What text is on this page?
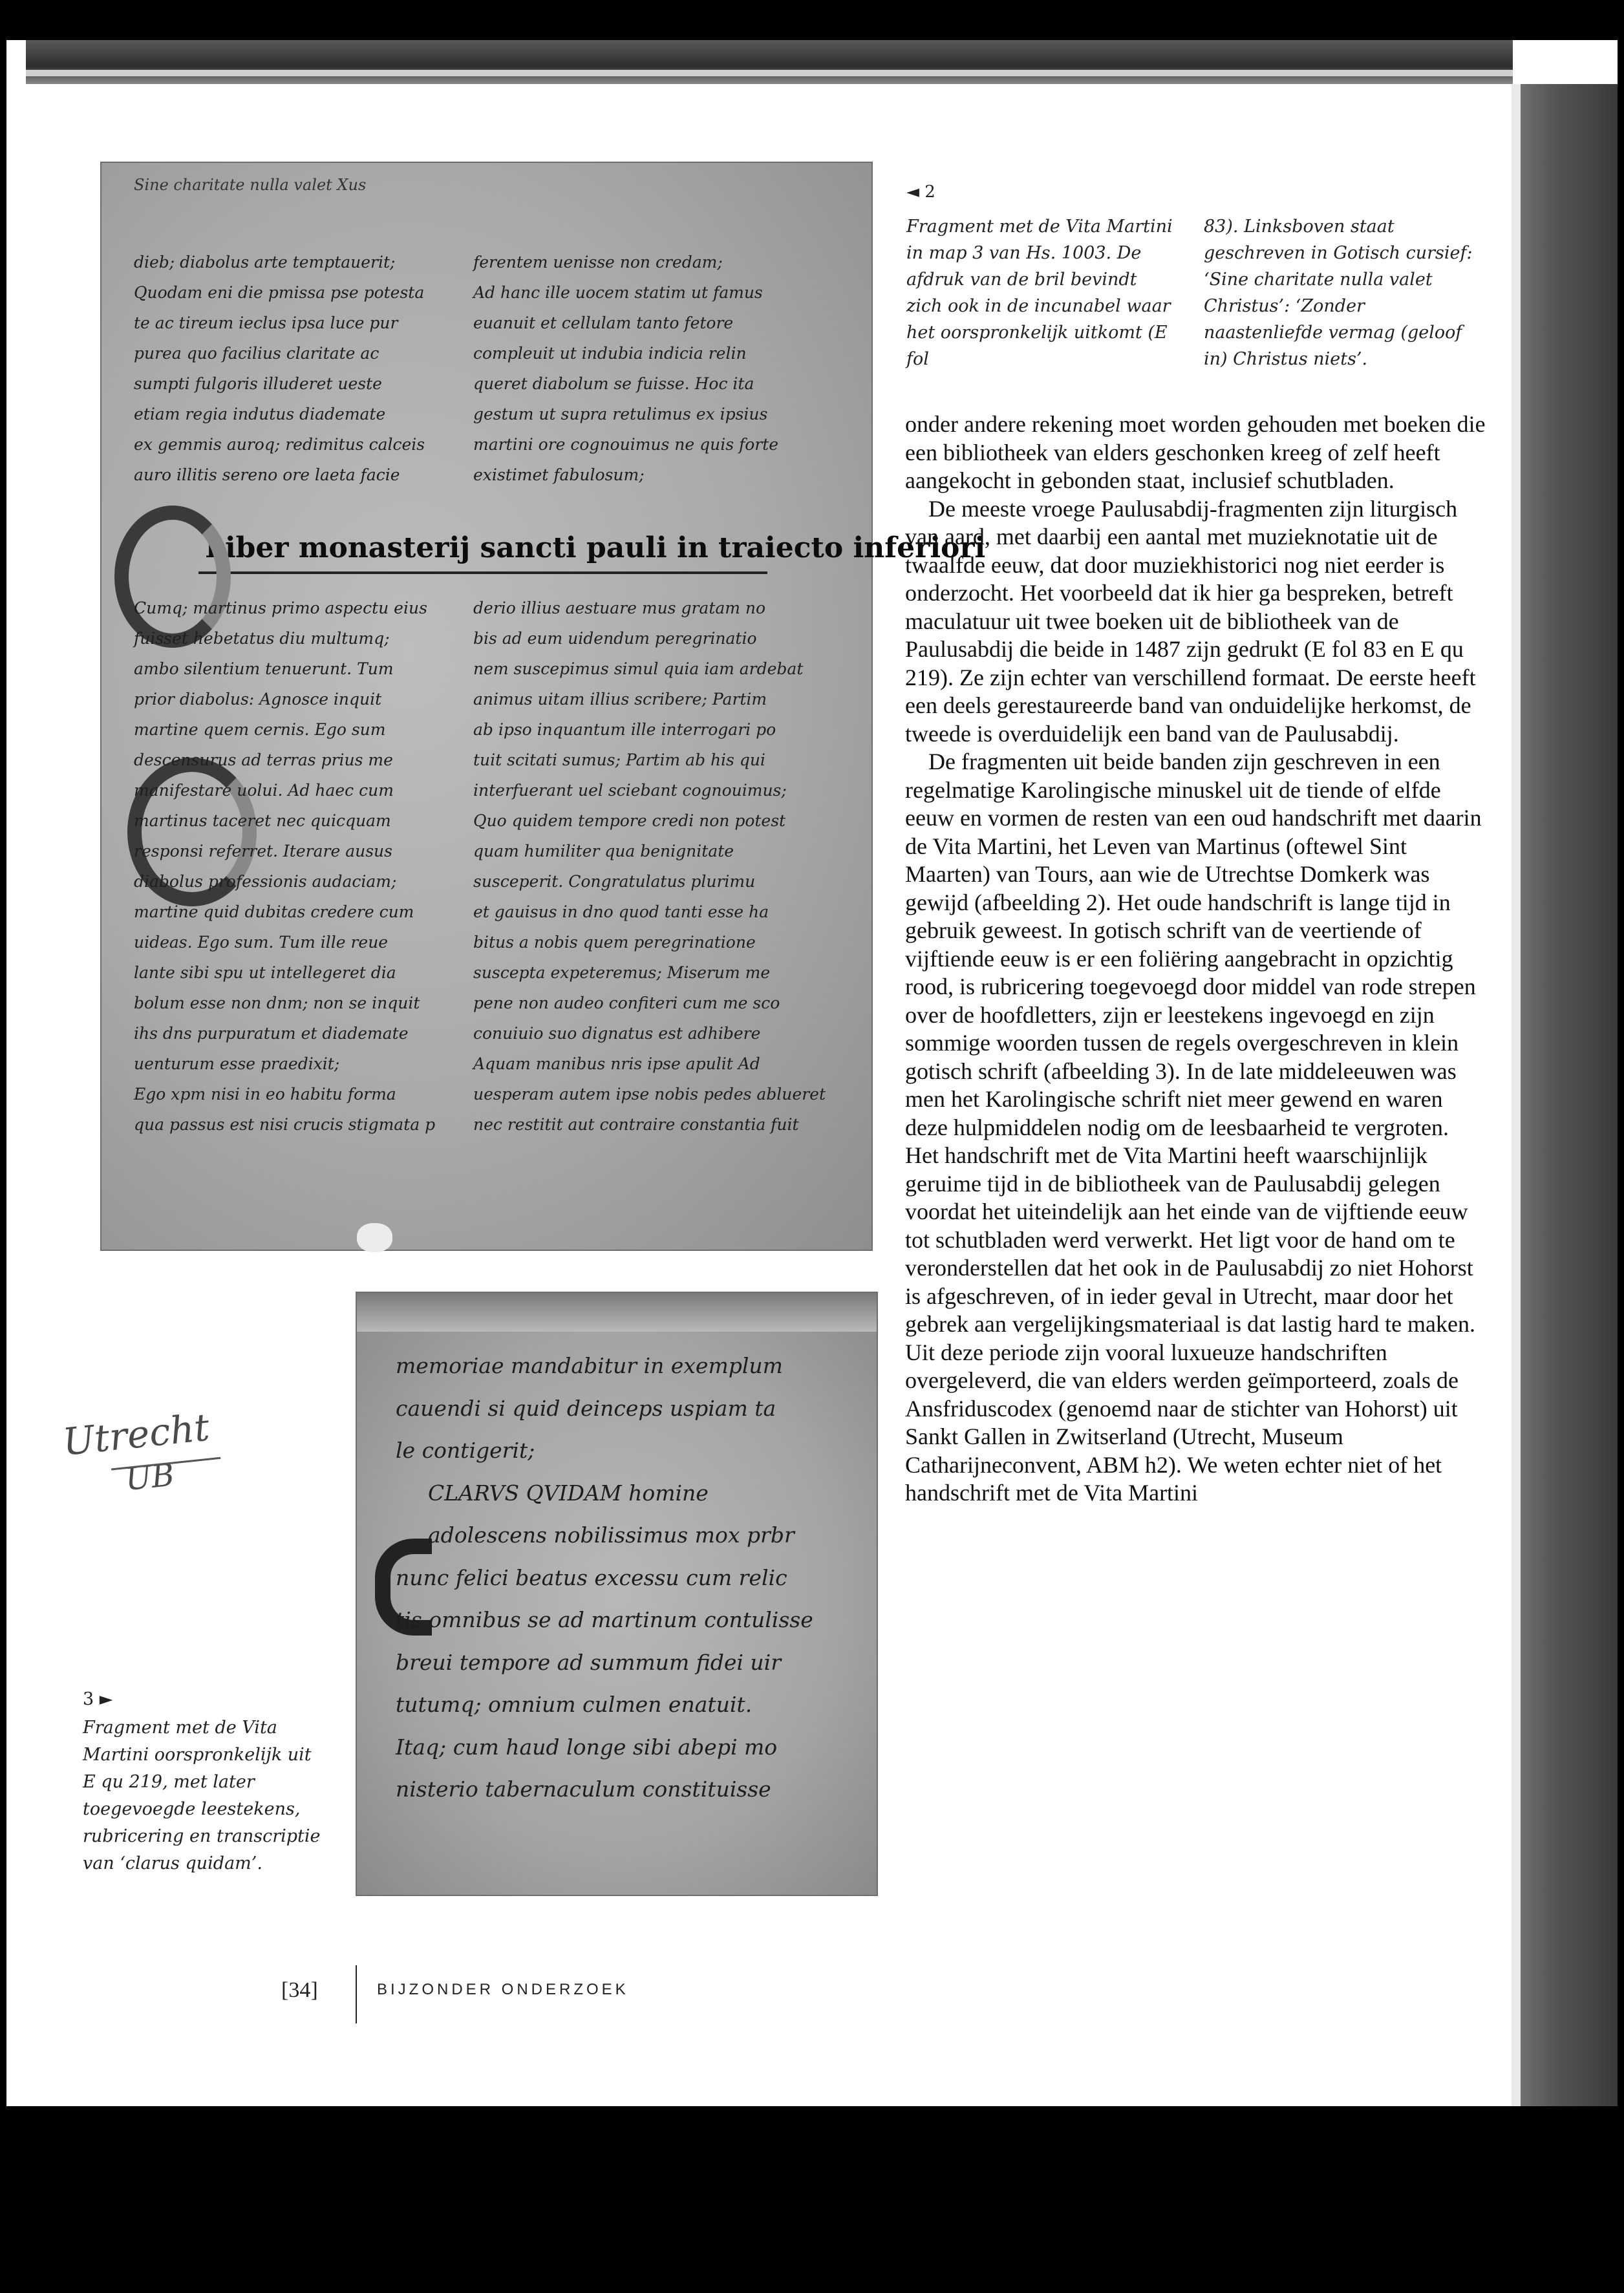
Sine charitate nulla valet Xus
dieb; diabolus arte temptauerit;
Quodam eni die pmissa pse potesta
te ac tireum ieclus ipsa luce pur
purea quo facilius claritate ac
sumpti fulgoris illuderet ueste
etiam regia indutus diademate
ex gemmis auroq; redimitus calceis
auro illitis sereno ore laeta facie
ferentem uenisse non credam;
Ad hanc ille uocem statim ut famus
euanuit et cellulam tanto fetore
compleuit ut indubia indicia relin
queret diabolum se fuisse. Hoc ita
gestum ut supra retulimus ex ipsius
martini ore cognouimus ne quis forte
existimet fabulosum;
Liber monasterij sancti pauli in traiecto inferiori
Cumq; martinus primo aspectu eius
fuisset hebetatus diu multumq;
ambo silentium tenuerunt. Tum
prior diabolus: Agnosce inquit
martine quem cernis. Ego sum
descensurus ad terras prius me
manifestare uolui. Ad haec cum
martinus taceret nec quicquam
responsi referret. Iterare ausus
diabolus professionis audaciam;
martine quid dubitas credere cum
uideas. Ego sum. Tum ille reue
lante sibi spu ut intellegeret dia
bolum esse non dnm; non se inquit
ihs dns purpuratum et diademate
uenturum esse praedixit;
Ego xpm nisi in eo habitu forma
qua passus est nisi crucis stigmata p
derio illius aestuare mus gratam no
bis ad eum uidendum peregrinatio
nem suscepimus simul quia iam ardebat
animus uitam illius scribere; Partim
ab ipso inquantum ille interrogari po
tuit scitati sumus; Partim ab his qui
interfuerant uel sciebant cognouimus;
Quo quidem tempore credi non potest
quam humiliter qua benignitate
susceperit. Congratulatus plurimu
et gauisus in dno quod tanti esse ha
bitus a nobis quem peregrinatione
suscepta expeteremus; Miserum me
pene non audeo confiteri cum me sco
conuiuio suo dignatus est adhibere
Aquam manibus nris ipse apulit Ad
uesperam autem ipse nobis pedes ablueret
nec restitit aut contraire constantia fuit
◄ 2
Fragment met de Vita Martini in map 3 van Hs. 1003. De afdruk van de bril bevindt zich ook in de incunabel waar het oorspronkelijk uitkomt (E fol
83). Linksboven staat geschreven in Gotisch cursief: ‘Sine charitate nulla valet Christus’: ‘Zonder naastenliefde vermag (geloof in) Christus niets’.
memoriae mandabitur in exemplum
cauendi si quid deinceps uspiam ta
le contigerit;
CLARVS QVIDAM homine
adolescens nobilissimus mox prbr
nunc felici beatus excessu cum relic
tis omnibus se ad martinum contulisse
breui tempore ad summum fidei uir
tutumq; omnium culmen enatuit.
Itaq; cum haud longe sibi abepi mo
nisterio tabernaculum constituisse
Utrecht
UB
3 ►
Fragment met de Vita Martini oorspronkelijk uit E qu 219, met later toegevoegde leestekens, rubricering en transcriptie van ‘clarus quidam’.

onder andere rekening moet worden gehouden met boeken die een bibliotheek van elders geschonken kreeg of zelf heeft aangekocht in gebonden staat, inclusief schutbladen.

De meeste vroege Paulusabdij-fragmenten zijn liturgisch van aard, met daarbij een aantal met muzieknotatie uit de twaalfde eeuw, dat door muziekhistorici nog niet eerder is onderzocht. Het voorbeeld dat ik hier ga bespreken, betreft maculatuur uit twee boeken uit de bibliotheek van de Paulusabdij die beide in 1487 zijn gedrukt (E fol 83 en E qu 219). Ze zijn echter van verschillend formaat. De eerste heeft een deels gerestaureerde band van onduidelijke herkomst, de tweede is overduidelijk een band van de Paulusabdij.

De fragmenten uit beide banden zijn geschreven in een regelmatige Karolingische minuskel uit de tiende of elfde eeuw en vormen de resten van een oud handschrift met daarin de Vita Martini, het Leven van Martinus (oftewel Sint Maarten) van Tours, aan wie de Utrechtse Domkerk was gewijd (afbeelding 2). Het oude handschrift is lange tijd in gebruik geweest. In gotisch schrift van de veertiende of vijftiende eeuw is er een foliëring aangebracht in opzichtig rood, is rubricering toegevoegd door middel van rode strepen over de hoofdletters, zijn er leestekens ingevoegd en zijn sommige woorden tussen de regels overgeschreven in klein gotisch schrift (afbeelding 3). In de late middeleeuwen was men het Karolingische schrift niet meer gewend en waren deze hulpmiddelen nodig om de leesbaarheid te vergroten. Het handschrift met de Vita Martini heeft waarschijnlijk geruime tijd in de bibliotheek van de Paulusabdij gelegen voordat het uiteindelijk aan het einde van de vijftiende eeuw tot schutbladen werd verwerkt. Het ligt voor de hand om te veronderstellen dat het ook in de Paulusabdij zo niet Hohorst is afgeschreven, of in ieder geval in Utrecht, maar door het gebrek aan vergelijkingsmateriaal is dat lastig hard te maken. Uit deze periode zijn vooral luxueuze handschriften overgeleverd, die van elders werden geïmporteerd, zoals de Ansfriduscodex (genoemd naar de stichter van Hohorst) uit Sankt Gallen in Zwitserland (Utrecht, Museum Catharijneconvent, ABM h2). We weten echter niet of het handschrift met de Vita Martini

[34]	BIJZONDER ONDERZOEK
